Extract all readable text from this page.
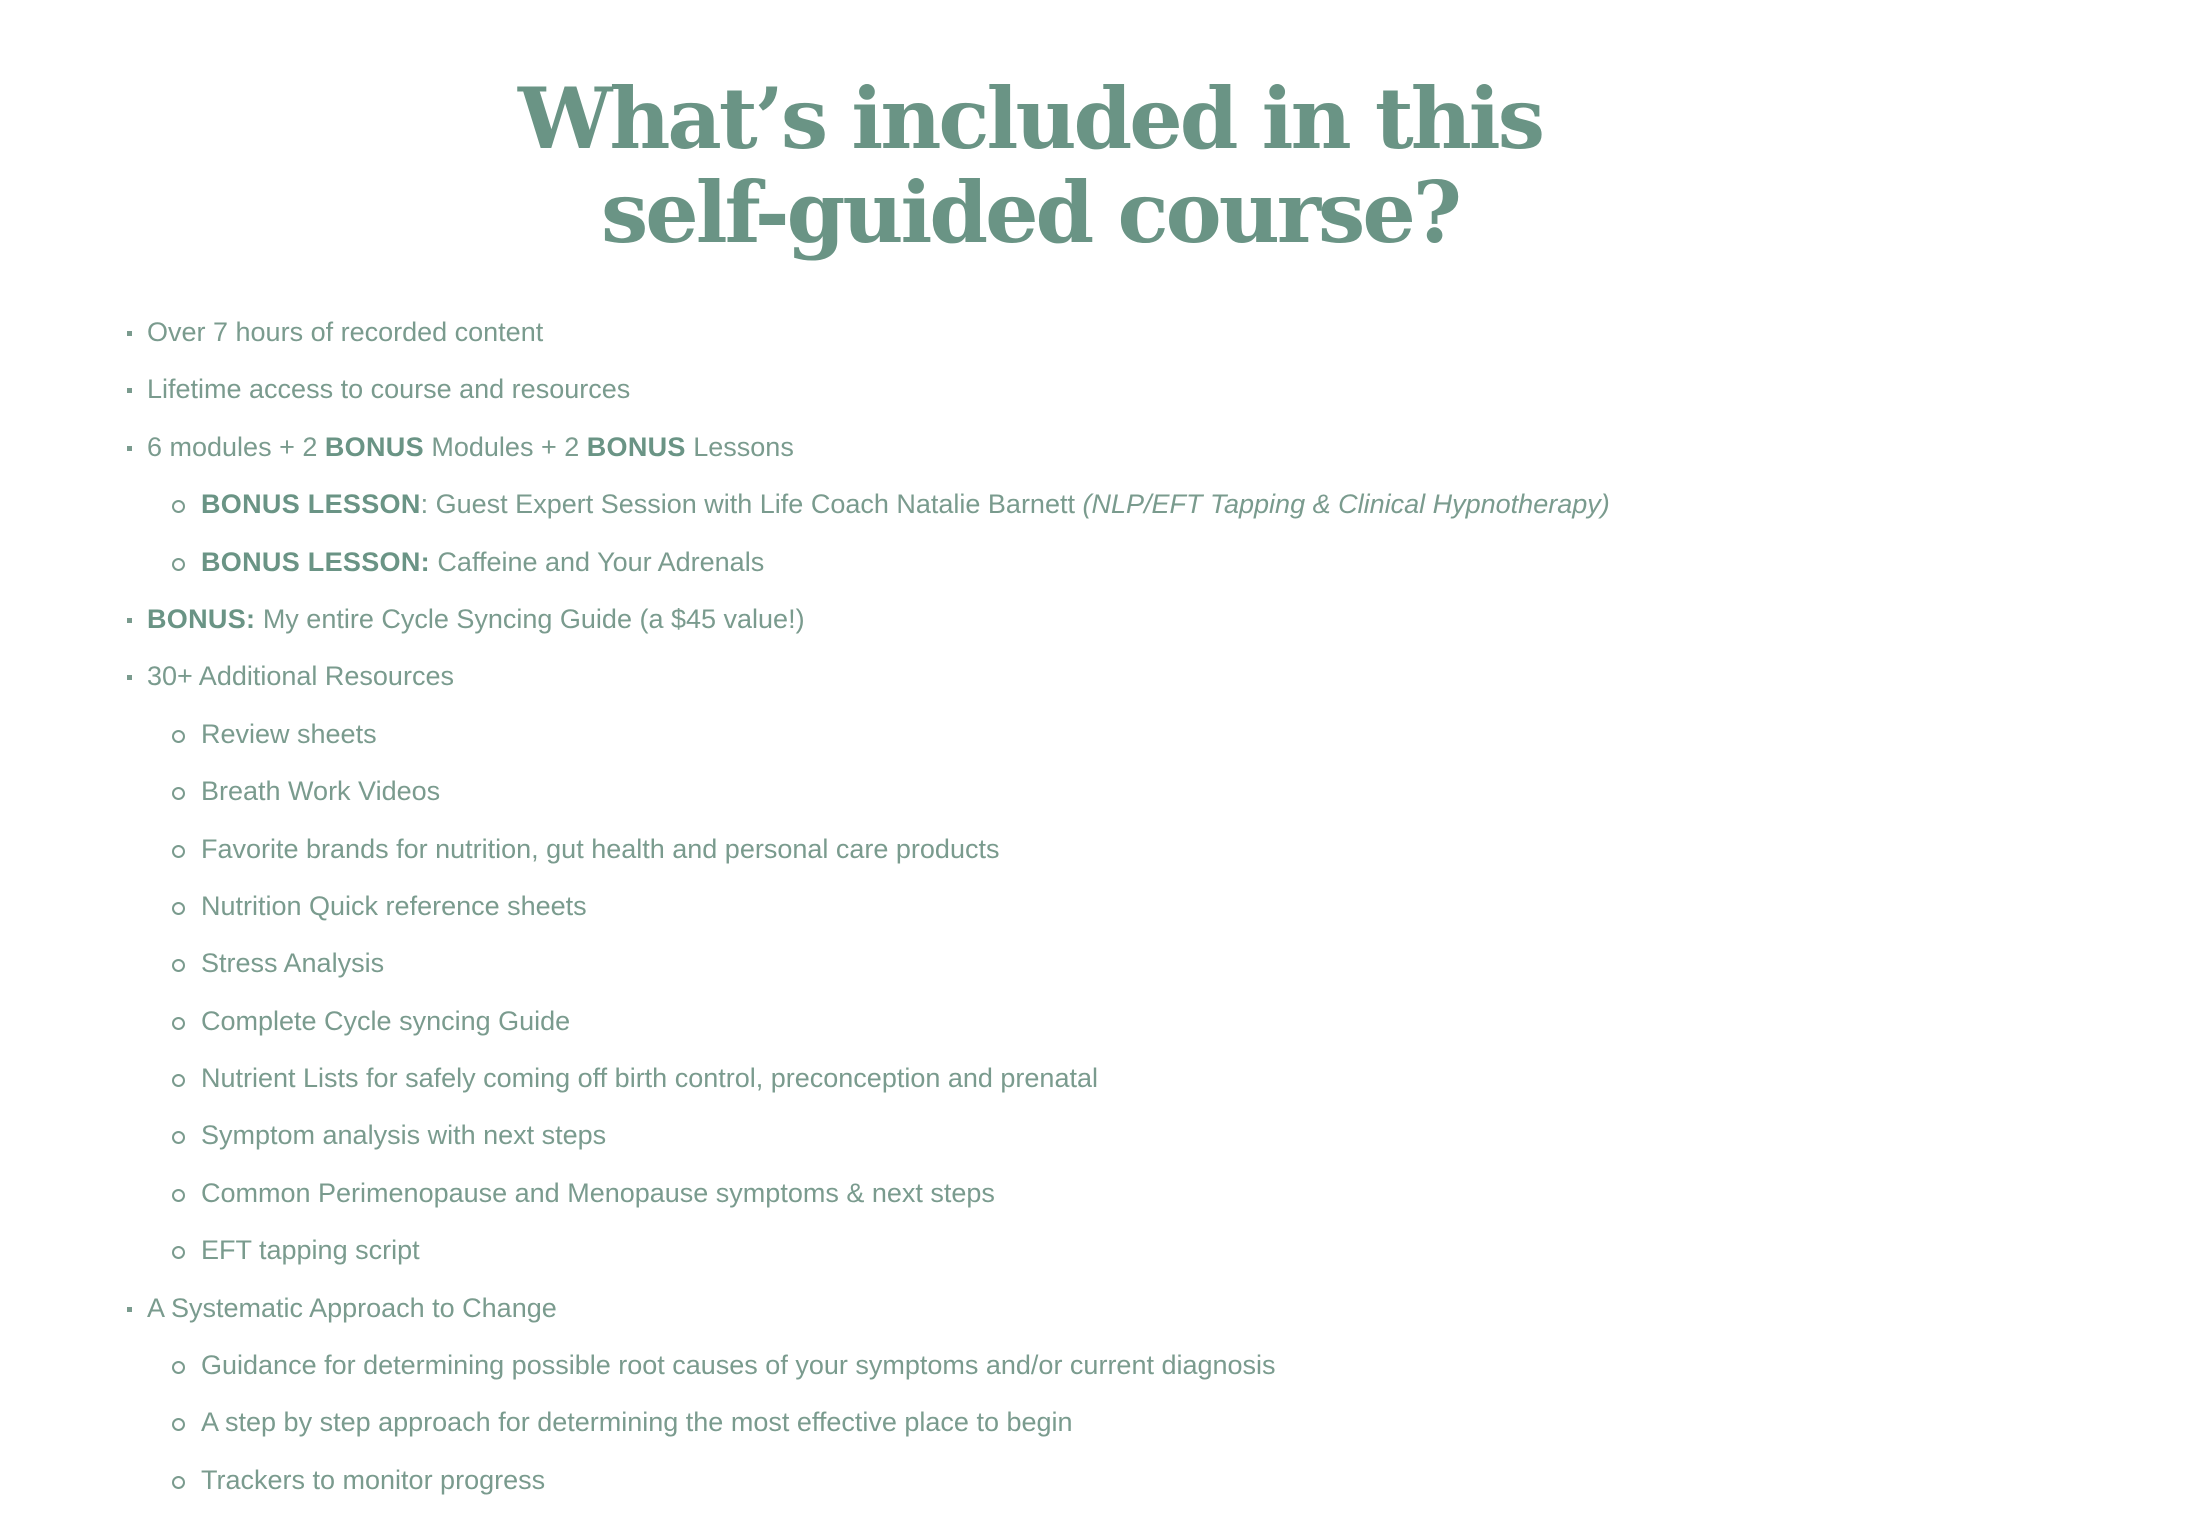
What’s included in this
self-guided course?
Over 7 hours of recorded content
Lifetime access to course and resources
6 modules + 2 BONUS Modules + 2 BONUS Lessons
BONUS LESSON: Guest Expert Session with Life Coach Natalie Barnett (NLP/EFT Tapping & Clinical Hypnotherapy)
BONUS LESSON: Caffeine and Your Adrenals
BONUS: My entire Cycle Syncing Guide (a $45 value!)
30+ Additional Resources
Review sheets
Breath Work Videos
Favorite brands for nutrition, gut health and personal care products
Nutrition Quick reference sheets
Stress Analysis
Complete Cycle syncing Guide
Nutrient Lists for safely coming off birth control, preconception and prenatal
Symptom analysis with next steps
Common Perimenopause and Menopause symptoms & next steps
EFT tapping script
A Systematic Approach to Change
Guidance for determining possible root causes of your symptoms and/or current diagnosis
A step by step approach for determining the most effective place to begin
Trackers to monitor progress
